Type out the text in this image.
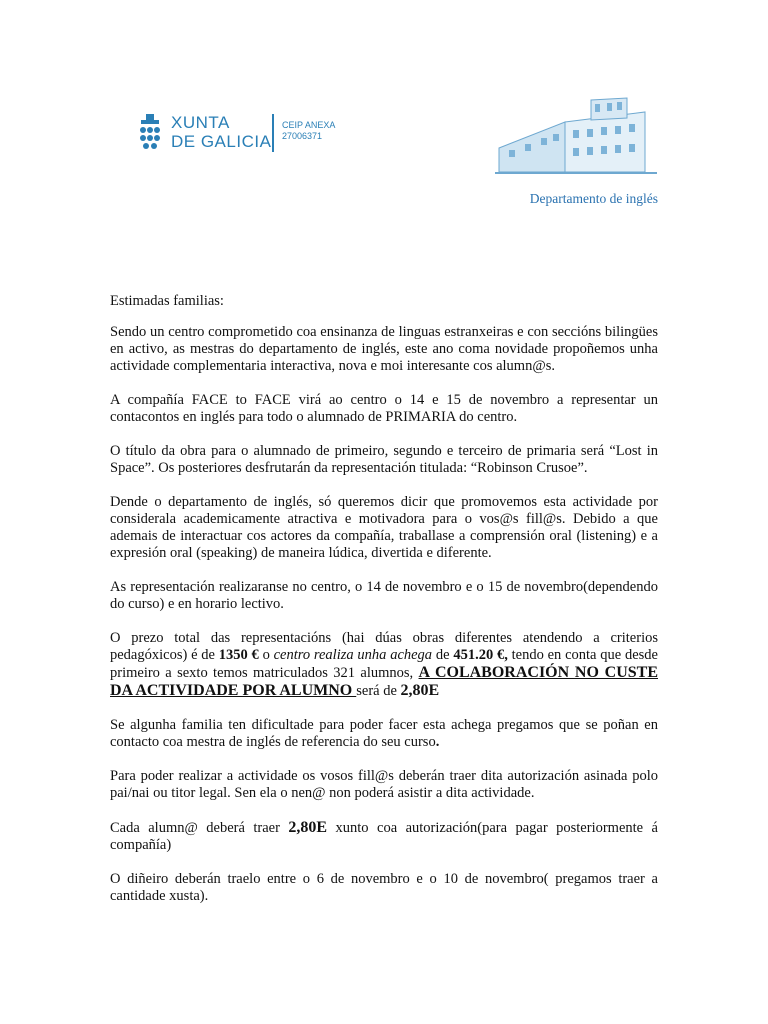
XUNTA
DE GALICIA
CEIP ANEXA
27006371
Departamento de inglés

Estimadas familias:

Sendo un centro comprometido coa ensinanza de linguas estranxeiras e con seccións bilingües en activo, as mestras do departamento de inglés, este ano coma novidade propoñemos unha actividade complementaria interactiva, nova e moi interesante cos alumn@s.

A compañía FACE to FACE virá ao centro o 14 e 15 de novembro a representar un contacontos en inglés para todo o alumnado de PRIMARIA do centro.

O título da obra para o alumnado de primeiro, segundo e terceiro de primaria será “Lost in Space”. Os posteriores desfrutarán da representación titulada: “Robinson Crusoe”.

Dende o departamento de inglés, só queremos dicir que promovemos esta actividade por considerala academicamente atractiva e motivadora para o vos@s fill@s. Debido a que ademais de interactuar cos actores da compañía, traballase a comprensión oral (listening) e a expresión oral (speaking) de maneira lúdica, divertida e diferente.

As representación realizaranse no centro, o 14 de novembro e o 15 de novembro(dependendo do curso) e en horario lectivo.

O prezo total das representacións (hai dúas obras diferentes atendendo a criterios pedagóxicos) é de 1350 € o centro realiza unha achega de 451.20 €, tendo en conta que desde primeiro a sexto temos matriculados 321 alumnos, A COLABORACIÓN NO CUSTE DA ACTIVIDADE POR ALUMNO será de 2,80E

Se algunha familia ten dificultade para poder facer esta achega pregamos que se poñan en contacto coa mestra de inglés de referencia do seu curso.

Para poder realizar a actividade os vosos fill@s deberán traer dita autorización asinada polo pai/nai ou titor legal. Sen ela o nen@ non poderá asistir a dita actividade.

Cada alumn@ deberá traer 2,80E xunto coa autorización(para pagar posteriormente á compañía)

O diñeiro deberán traelo entre o 6 de novembro e o 10 de novembro( pregamos traer a cantidade xusta).
